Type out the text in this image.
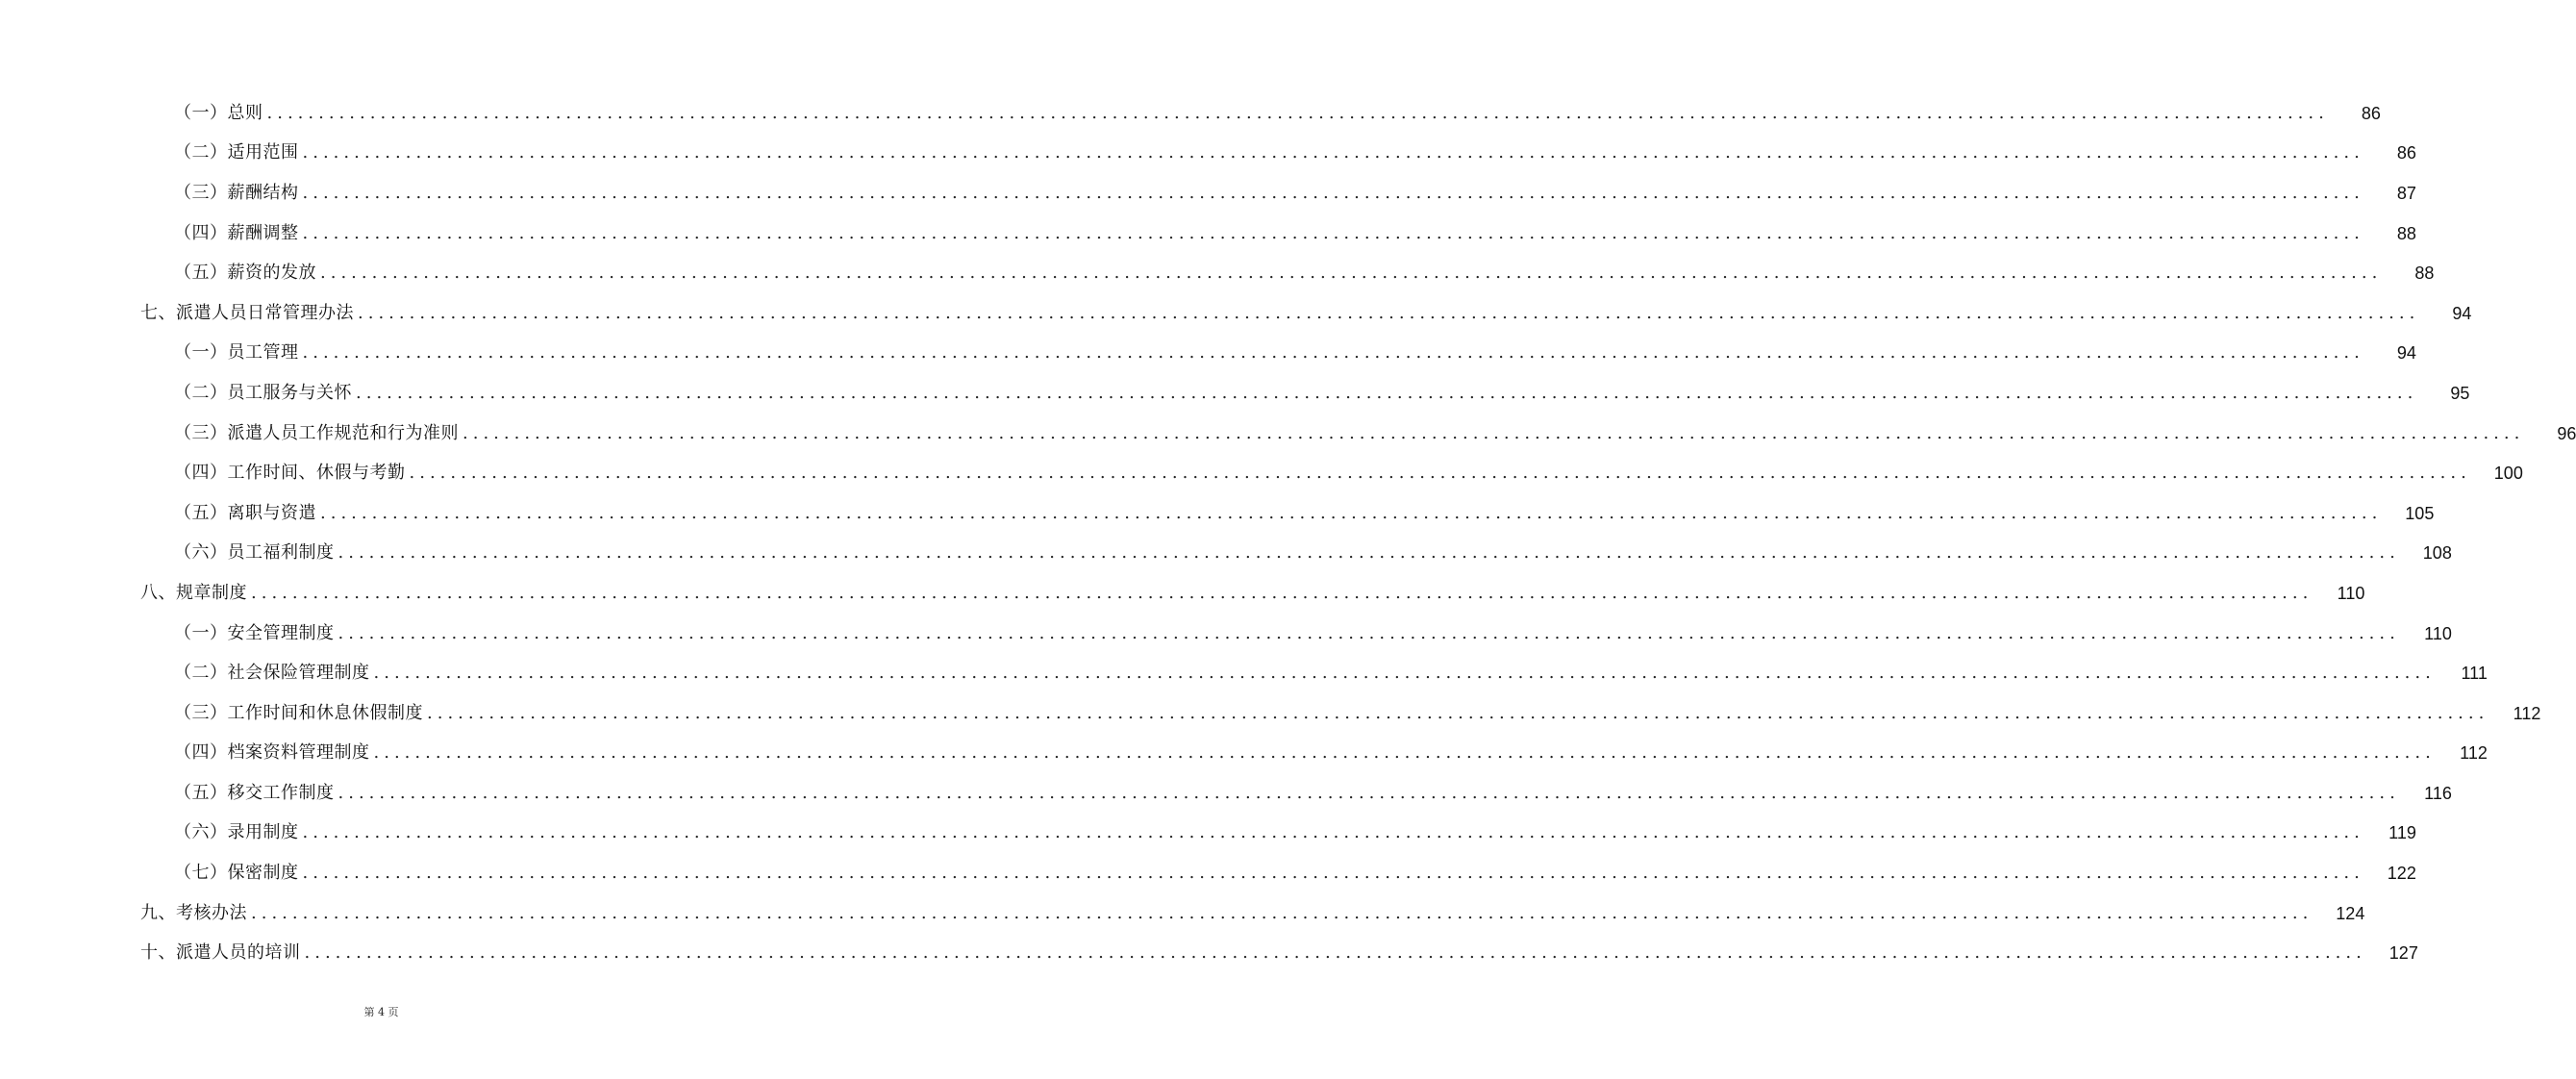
（一）总则 ........................................................................................................................................................................................................	86
（二）适用范围 ........................................................................................................................................................................................................	86
（三）薪酬结构 ........................................................................................................................................................................................................	87
（四）薪酬调整 ........................................................................................................................................................................................................	88
（五）薪资的发放 ........................................................................................................................................................................................................	88
七、派遣人员日常管理办法 ........................................................................................................................................................................................................	94
（一）员工管理 ........................................................................................................................................................................................................	94
（二）员工服务与关怀 ........................................................................................................................................................................................................	95
（三）派遣人员工作规范和行为准则 ........................................................................................................................................................................................................	96
（四）工作时间、休假与考勤 ........................................................................................................................................................................................................	100
（五）离职与资遣 ........................................................................................................................................................................................................	105
（六）员工福利制度 ........................................................................................................................................................................................................	108
八、规章制度 ........................................................................................................................................................................................................	110
（一）安全管理制度 ........................................................................................................................................................................................................	110
（二）社会保险管理制度 ........................................................................................................................................................................................................	111
（三）工作时间和休息休假制度 ........................................................................................................................................................................................................	112
（四）档案资料管理制度 ........................................................................................................................................................................................................	112
（五）移交工作制度 ........................................................................................................................................................................................................	116
（六）录用制度 ........................................................................................................................................................................................................	119
（七）保密制度 ........................................................................................................................................................................................................	122
九、考核办法 ........................................................................................................................................................................................................	124
十、派遣人员的培训 ........................................................................................................................................................................................................	127
第 4 页
